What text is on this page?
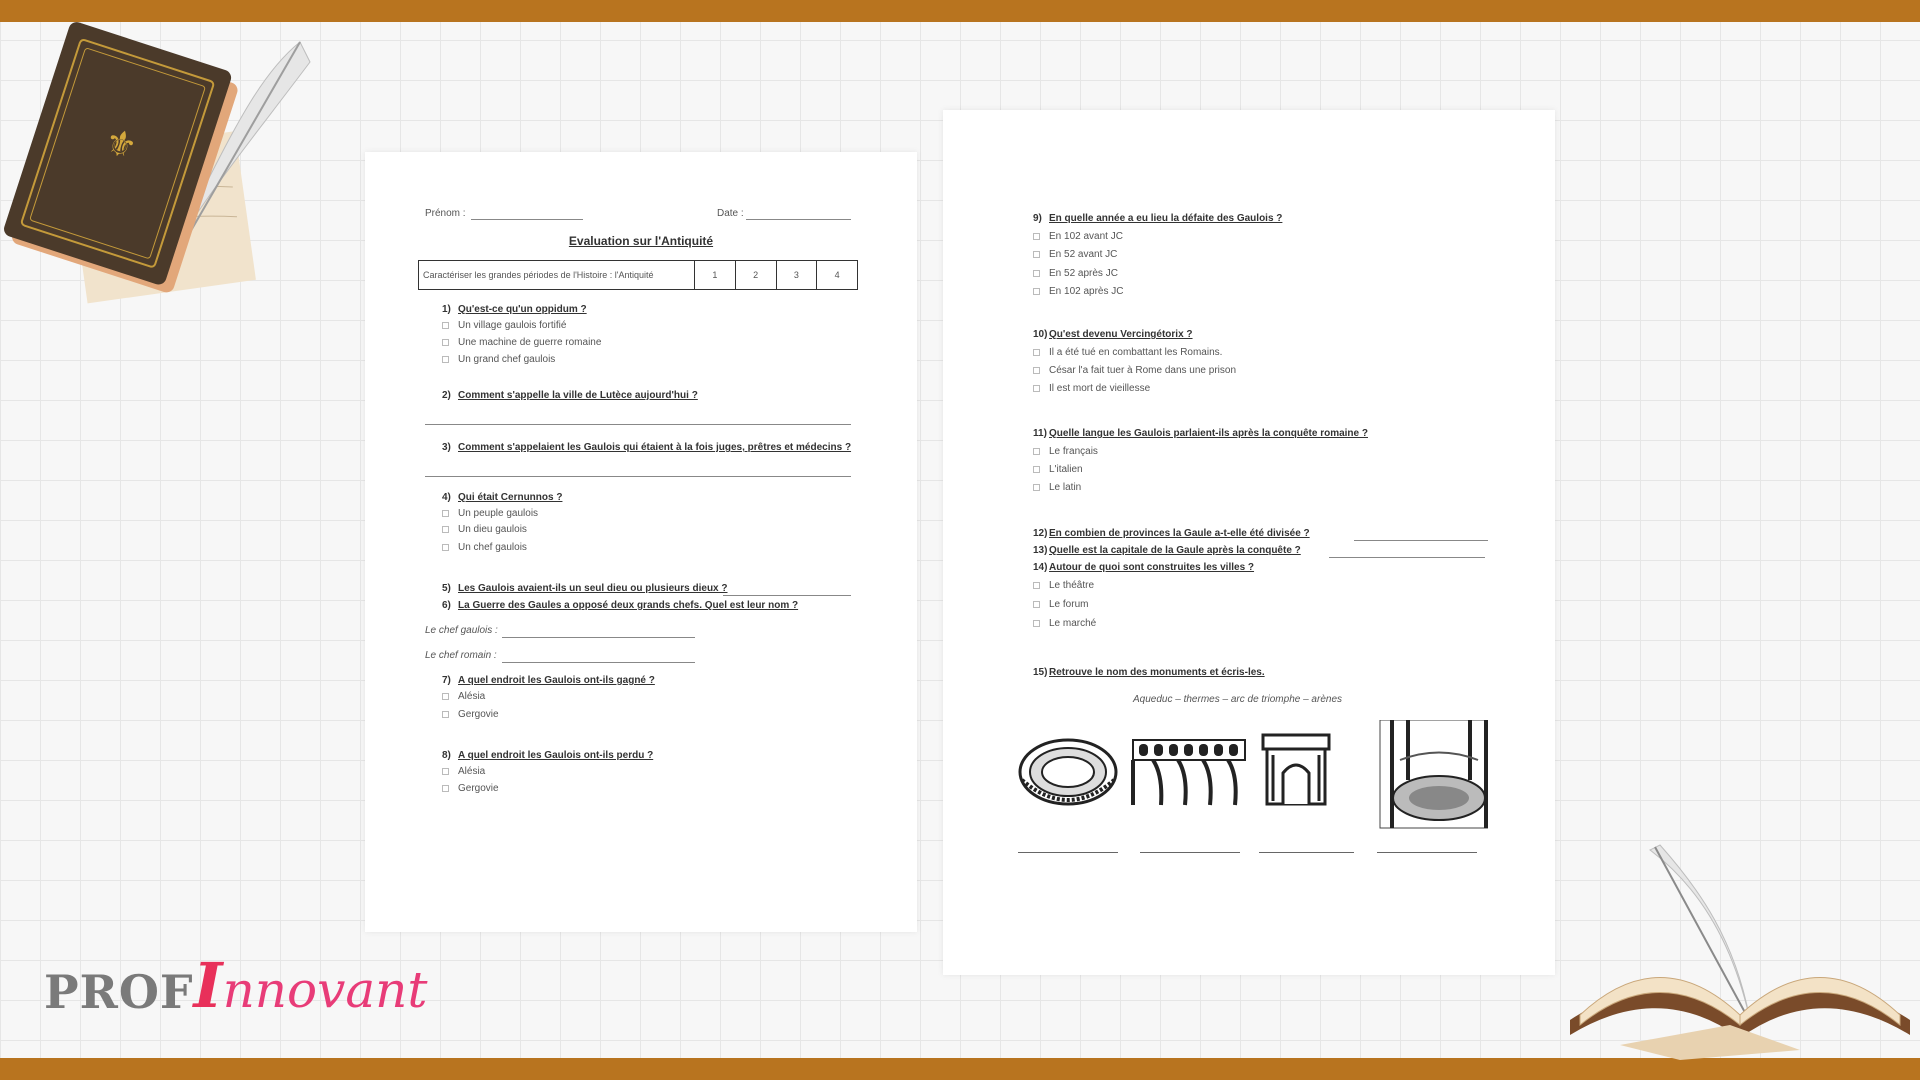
⚜
Prénom :	Date :
Evaluation sur l'Antiquité
Caractériser les grandes périodes de l'Histoire : l'Antiquité	1	2	3	4
1) Qu'est-ce qu'un oppidum ?
Un village gaulois fortifié
Une machine de guerre romaine
Un grand chef gaulois
2) Comment s'appelle la ville de Lutèce aujourd'hui ?
3) Comment s'appelaient les Gaulois qui étaient à la fois juges, prêtres et médecins ?
4) Qui était Cernunnos ?
Un peuple gaulois
Un dieu gaulois
Un chef gaulois
5) Les Gaulois avaient-ils un seul dieu ou plusieurs dieux ?
6) La Guerre des Gaules a opposé deux grands chefs. Quel est leur nom ?
Le chef gaulois :
Le chef romain :
7) A quel endroit les Gaulois ont-ils gagné ?
Alésia
Gergovie
8) A quel endroit les Gaulois ont-ils perdu ?
Alésia
Gergovie
9) En quelle année a eu lieu la défaite des Gaulois ?
En 102 avant JC
En 52 avant JC
En 52 après JC
En 102 après JC
10) Qu'est devenu Vercingétorix ?
Il a été tué en combattant les Romains.
César l'a fait tuer à Rome dans une prison
Il est mort de vieillesse
11) Quelle langue les Gaulois parlaient-ils après la conquête romaine ?
Le français
L'italien
Le latin
12) En combien de provinces la Gaule a-t-elle été divisée ?
13) Quelle est la capitale de la Gaule après la conquête ?
14) Autour de quoi sont construites les villes ?
Le théâtre
Le forum
Le marché
15) Retrouve le nom des monuments et écris-les.
Aqueduc – thermes – arc de triomphe – arènes
PROF Innovant
